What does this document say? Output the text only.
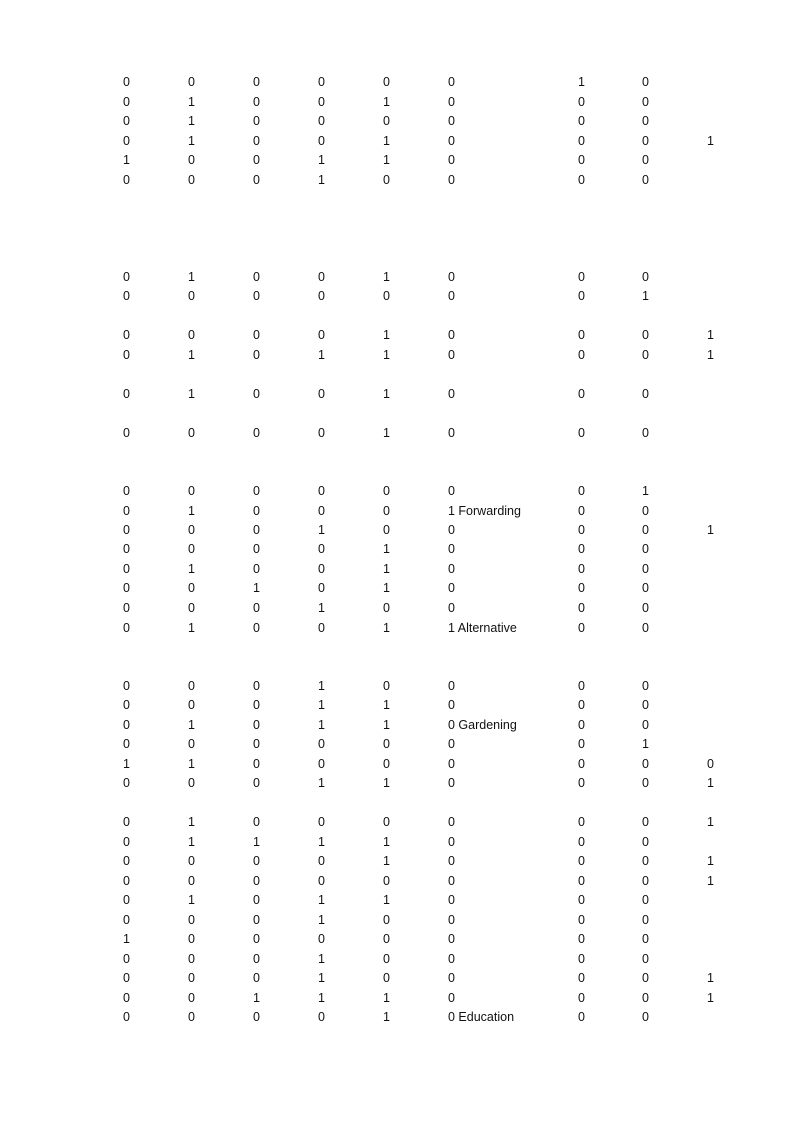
0	0	0	0	0	0	1	0
0	1	0	0	1	0	0	0
0	1	0	0	0	0	0	0
0	1	0	0	1	0	0	0	1
1	0	0	1	1	0	0	0
0	0	0	1	0	0	0	0
0	1	0	0	1	0	0	0
0	0	0	0	0	0	0	1
0	0	0	0	1	0	0	0	1
0	1	0	1	1	0	0	0	1
0	1	0	0	1	0	0	0
0	0	0	0	1	0	0	0
0	0	0	0	0	0	0	1
0	1	0	0	0	1 Forwarding	0	0
0	0	0	1	0	0	0	0	1
0	0	0	0	1	0	0	0
0	1	0	0	1	0	0	0
0	0	1	0	1	0	0	0
0	0	0	1	0	0	0	0
0	1	0	0	1	1 Alternative	0	0
0	0	0	1	0	0	0	0
0	0	0	1	1	0	0	0
0	1	0	1	1	0 Gardening	0	0
0	0	0	0	0	0	0	1
1	1	0	0	0	0	0	0	0
0	0	0	1	1	0	0	0	1
0	1	0	0	0	0	0	0	1
0	1	1	1	1	0	0	0
0	0	0	0	1	0	0	0	1
0	0	0	0	0	0	0	0	1
0	1	0	1	1	0	0	0
0	0	0	1	0	0	0	0
1	0	0	0	0	0	0	0
0	0	0	1	0	0	0	0
0	0	0	1	0	0	0	0	1
0	0	1	1	1	0	0	0	1
0	0	0	0	1	0 Education	0	0
